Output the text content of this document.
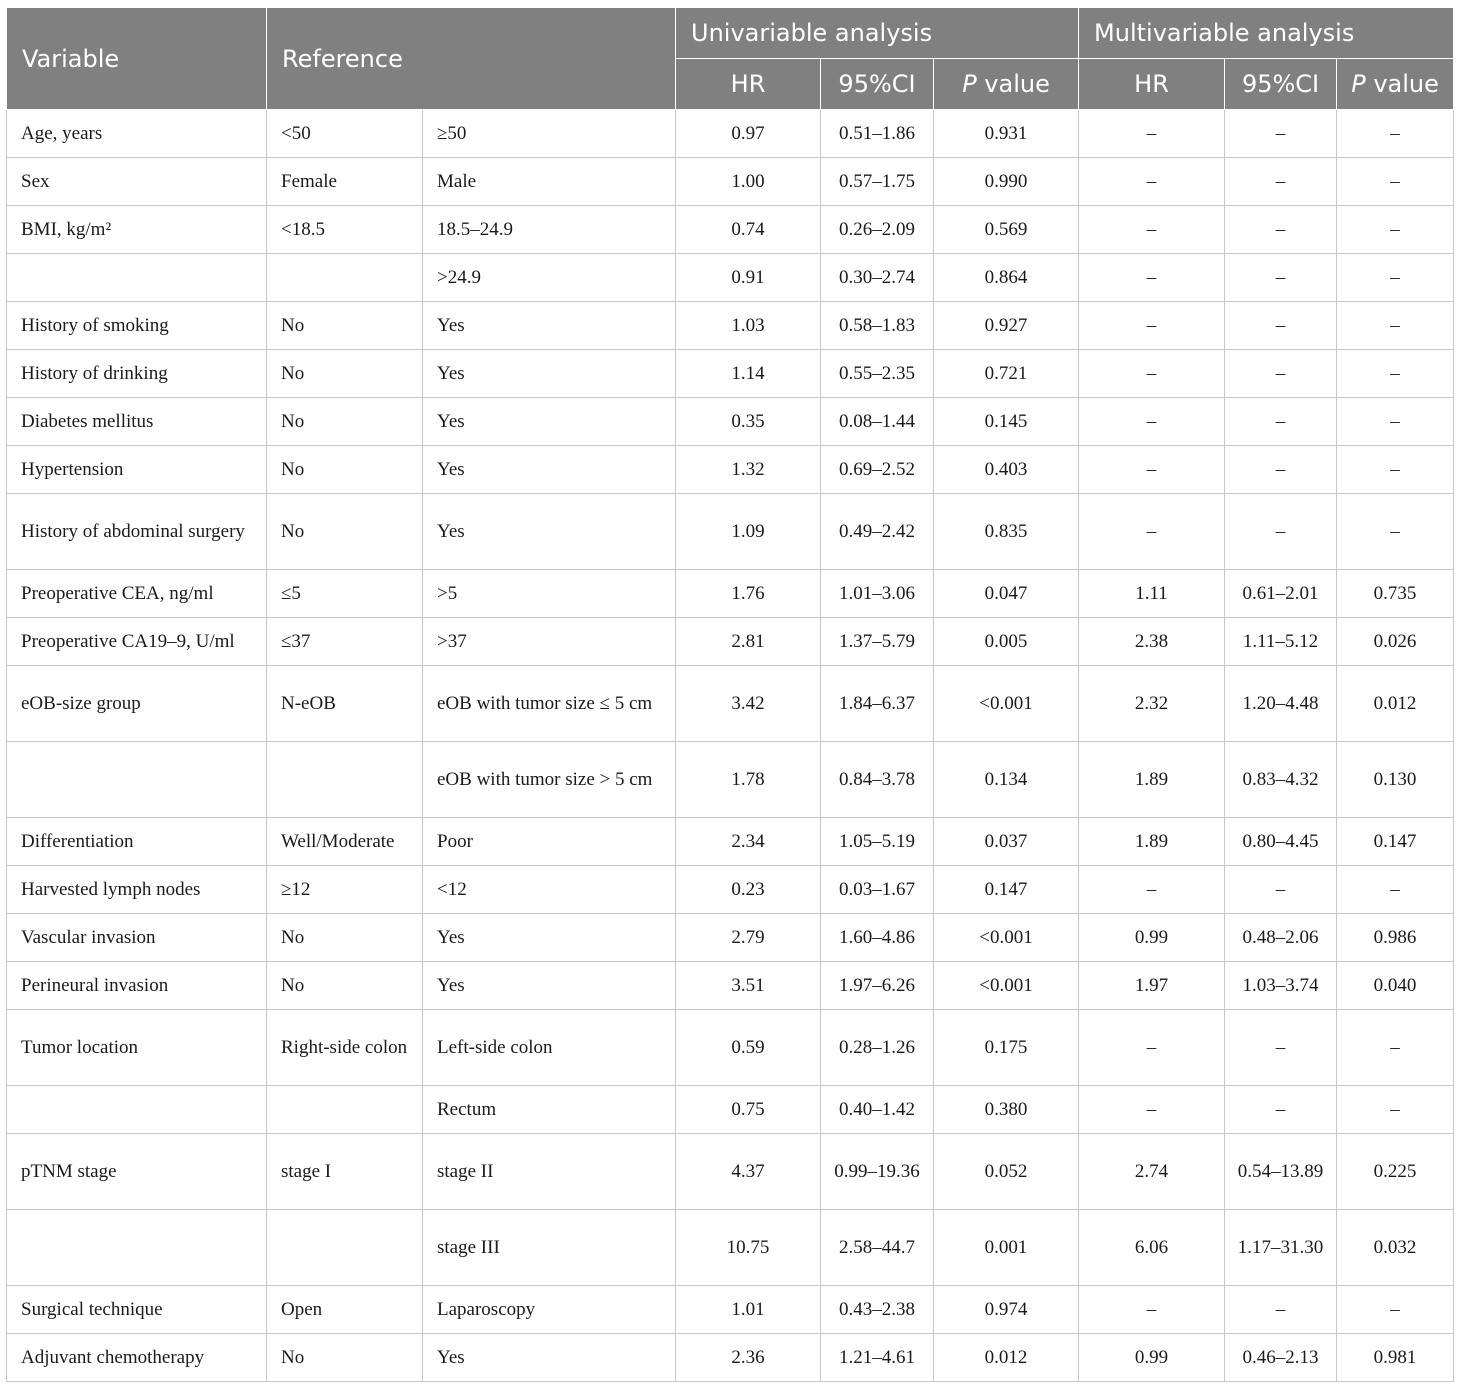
Variable	Reference		Univariable analysis			Multivariable analysis		
			HR	95%CI	P value	HR	95%CI	P value
Age, years	<50	≥50	0.97	0.51–1.86	0.931	–	–	–
Sex	Female	Male	1.00	0.57–1.75	0.990	–	–	–
BMI, kg/m²	<18.5	18.5–24.9	0.74	0.26–2.09	0.569	–	–	–
		>24.9	0.91	0.30–2.74	0.864	–	–	–
History of smoking	No	Yes	1.03	0.58–1.83	0.927	–	–	–
History of drinking	No	Yes	1.14	0.55–2.35	0.721	–	–	–
Diabetes mellitus	No	Yes	0.35	0.08–1.44	0.145	–	–	–
Hypertension	No	Yes	1.32	0.69–2.52	0.403	–	–	–
History of abdominal surgery	No	Yes	1.09	0.49–2.42	0.835	–	–	–
Preoperative CEA, ng/ml	≤5	>5	1.76	1.01–3.06	0.047	1.11	0.61–2.01	0.735
Preoperative CA19–9, U/ml	≤37	>37	2.81	1.37–5.79	0.005	2.38	1.11–5.12	0.026
eOB-size group	N-eOB	eOB with tumor size ≤ 5 cm	3.42	1.84–6.37	<0.001	2.32	1.20–4.48	0.012
		eOB with tumor size > 5 cm	1.78	0.84–3.78	0.134	1.89	0.83–4.32	0.130
Differentiation	Well/Moderate	Poor	2.34	1.05–5.19	0.037	1.89	0.80–4.45	0.147
Harvested lymph nodes	≥12	<12	0.23	0.03–1.67	0.147	–	–	–
Vascular invasion	No	Yes	2.79	1.60–4.86	<0.001	0.99	0.48–2.06	0.986
Perineural invasion	No	Yes	3.51	1.97–6.26	<0.001	1.97	1.03–3.74	0.040
Tumor location	Right-side colon	Left-side colon	0.59	0.28–1.26	0.175	–	–	–
		Rectum	0.75	0.40–1.42	0.380	–	–	–
pTNM stage	stage I	stage II	4.37	0.99–19.36	0.052	2.74	0.54–13.89	0.225
		stage III	10.75	2.58–44.7	0.001	6.06	1.17–31.30	0.032
Surgical technique	Open	Laparoscopy	1.01	0.43–2.38	0.974	–	–	–
Adjuvant chemotherapy	No	Yes	2.36	1.21–4.61	0.012	0.99	0.46–2.13	0.981
